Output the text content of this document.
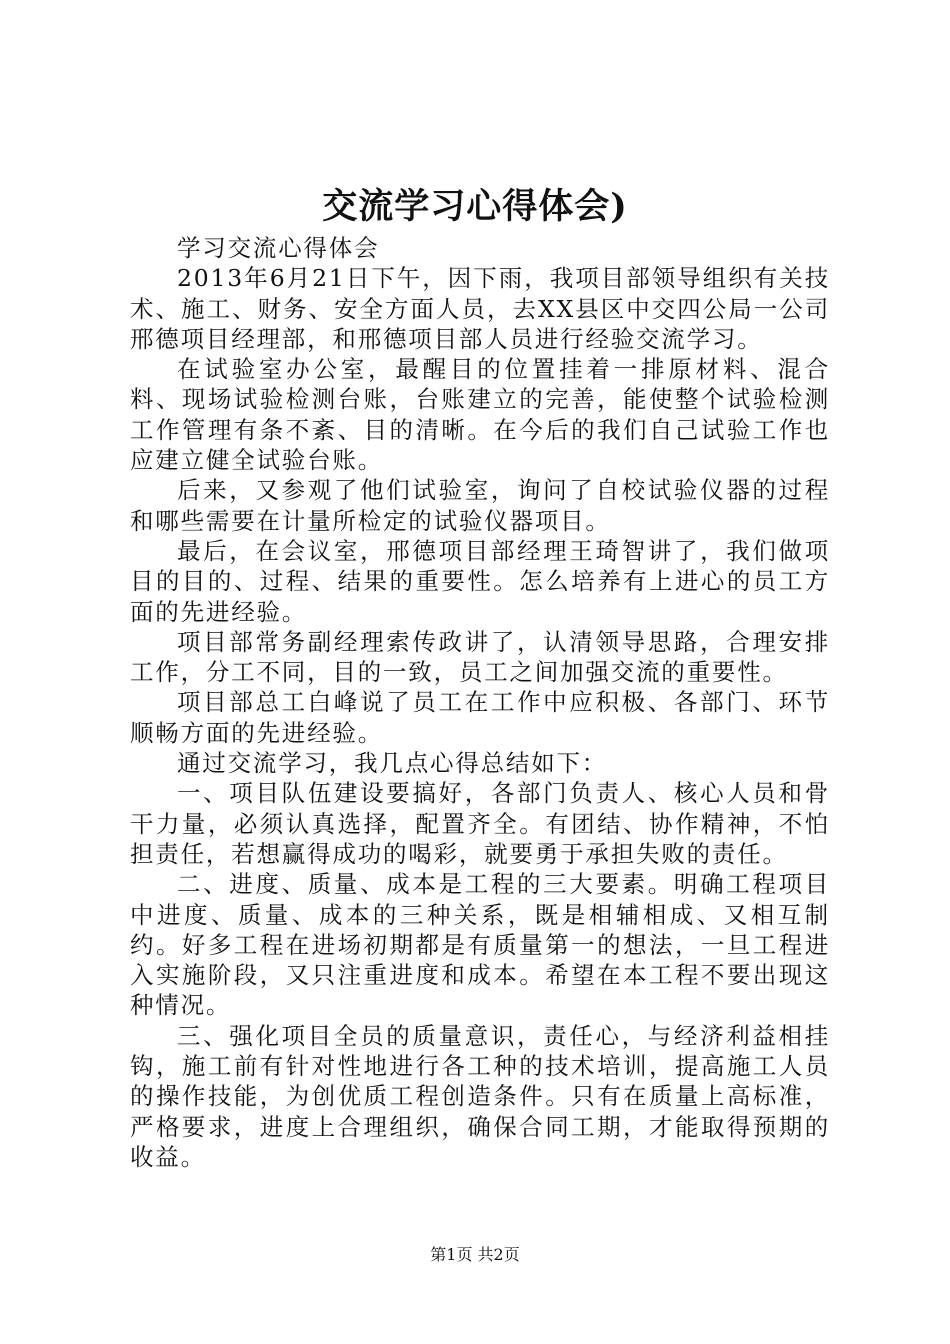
交流学习心得体会)

学习交流心得体会

2013年6月21日下午，因下雨，我项目部领导组织有关技术、施工、财务、安全方面人员，去XX县区中交四公局一公司邢德项目经理部，和邢德项目部人员进行经验交流学习。

在试验室办公室，最醒目的位置挂着一排原材料、混合料、现场试验检测台账，台账建立的完善，能使整个试验检测工作管理有条不紊、目的清晰。在今后的我们自己试验工作也应建立健全试验台账。

后来，又参观了他们试验室，询问了自校试验仪器的过程和哪些需要在计量所检定的试验仪器项目。

最后，在会议室，邢德项目部经理王琦智讲了，我们做项目的目的、过程、结果的重要性。怎么培养有上进心的员工方面的先进经验。

项目部常务副经理索传政讲了，认清领导思路，合理安排工作，分工不同，目的一致，员工之间加强交流的重要性。

项目部总工白峰说了员工在工作中应积极、各部门、环节顺畅方面的先进经验。

通过交流学习，我几点心得总结如下：

一、项目队伍建设要搞好，各部门负责人、核心人员和骨干力量，必须认真选择，配置齐全。有团结、协作精神，不怕担责任，若想赢得成功的喝彩，就要勇于承担失败的责任。

二、进度、质量、成本是工程的三大要素。明确工程项目中进度、质量、成本的三种关系，既是相辅相成、又相互制约。好多工程在进场初期都是有质量第一的想法，一旦工程进入实施阶段，又只注重进度和成本。希望在本工程不要出现这种情况。

三、强化项目全员的质量意识，责任心，与经济利益相挂钩，施工前有针对性地进行各工种的技术培训，提高施工人员的操作技能，为创优质工程创造条件。只有在质量上高标准，严格要求，进度上合理组织，确保合同工期，才能取得预期的收益。

第1页 共2页
